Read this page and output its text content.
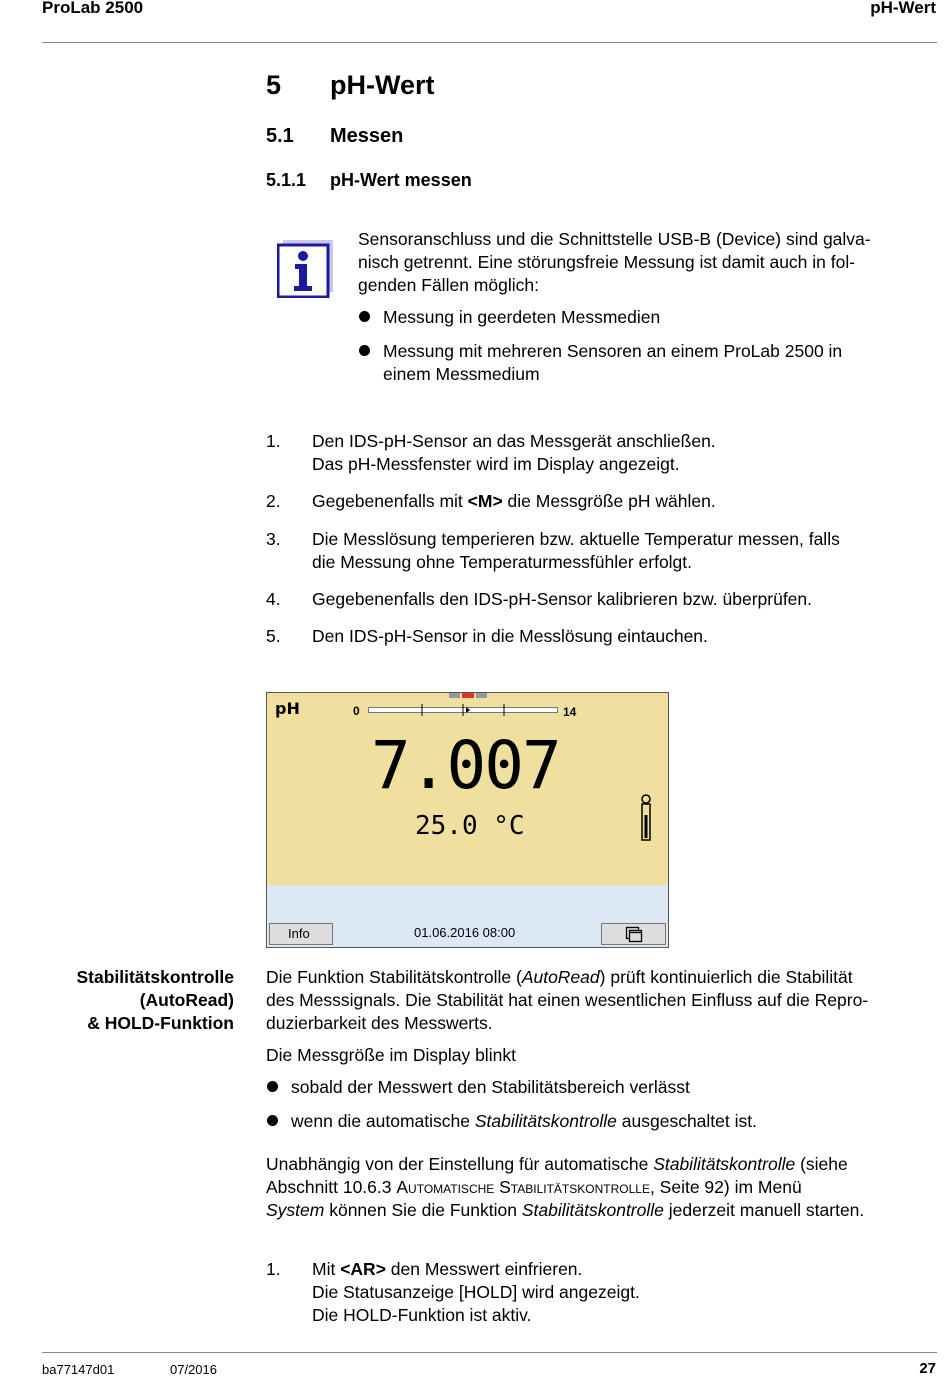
ProLab 2500	pH-Wert
5 pH-Wert
5.1 Messen
5.1.1 pH-Wert messen
Sensoranschluss und die Schnittstelle USB-B (Device) sind galva-
nisch getrennt. Eine störungsfreie Messung ist damit auch in fol-
genden Fällen möglich:
Messung in geerdeten Messmedien
Messung mit mehreren Sensoren an einem ProLab 2500 in
einem Messmedium
1. Den IDS-pH-Sensor an das Messgerät anschließen.
Das pH-Messfenster wird im Display angezeigt.
2. Gegebenenfalls mit <M> die Messgröße pH wählen.
3. Die Messlösung temperieren bzw. aktuelle Temperatur messen, falls
die Messung ohne Temperaturmessfühler erfolgt.
4. Gegebenenfalls den IDS-pH-Sensor kalibrieren bzw. überprüfen.
5. Den IDS-pH-Sensor in die Messlösung eintauchen.
pH	0	14
7.007
25.0 °C
Info	01.06.2016 08:00
Stabilitätskontrolle
(AutoRead)
& HOLD-Funktion
Die Funktion Stabilitätskontrolle (AutoRead) prüft kontinuierlich die Stabilität
des Messsignals. Die Stabilität hat einen wesentlichen Einfluss auf die Repro-
duzierbarkeit des Messwerts.
Die Messgröße im Display blinkt
sobald der Messwert den Stabilitätsbereich verlässt
wenn die automatische Stabilitätskontrolle ausgeschaltet ist.
Unabhängig von der Einstellung für automatische Stabilitätskontrolle (siehe
Abschnitt 10.6.3 Automatische Stabilitätskontrolle, Seite 92) im Menü
System können Sie die Funktion Stabilitätskontrolle jederzeit manuell starten.
1. Mit <AR> den Messwert einfrieren.
Die Statusanzeige [HOLD] wird angezeigt.
Die HOLD-Funktion ist aktiv.
ba77147d01	07/2016	27
